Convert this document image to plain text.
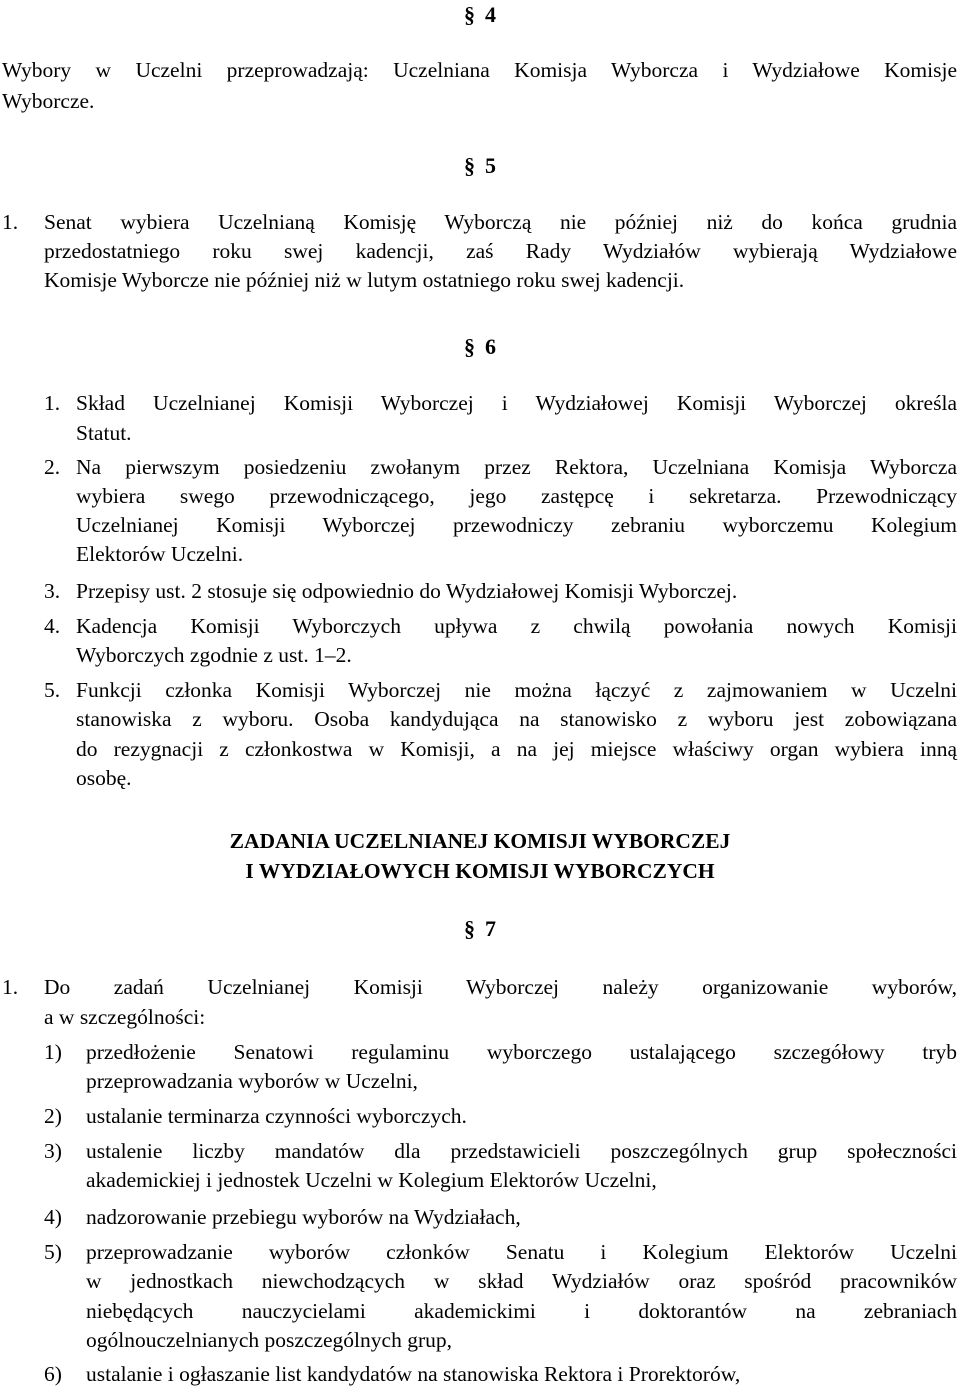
§ 4
Wybory w Uczelni przeprowadzają: Uczelniana Komisja Wyborcza i Wydziałowe Komisje
Wyborcze.
§ 5
1. Senat wybiera Uczelnianą Komisję Wyborczą nie później niż do końca grudnia
przedostatniego roku swej kadencji, zaś Rady Wydziałów wybierają Wydziałowe
Komisje Wyborcze nie później niż w lutym ostatniego roku swej kadencji.
§ 6
1. Skład Uczelnianej Komisji Wyborczej i Wydziałowej Komisji Wyborczej określa
Statut.
2. Na pierwszym posiedzeniu zwołanym przez Rektora, Uczelniana Komisja Wyborcza
wybiera swego przewodniczącego, jego zastępcę i sekretarza. Przewodniczący
Uczelnianej Komisji Wyborczej przewodniczy zebraniu wyborczemu Kolegium
Elektorów Uczelni.
3. Przepisy ust. 2 stosuje się odpowiednio do Wydziałowej Komisji Wyborczej.
4. Kadencja Komisji Wyborczych upływa z chwilą powołania nowych Komisji
Wyborczych zgodnie z ust. 1–2.
5. Funkcji członka Komisji Wyborczej nie można łączyć z zajmowaniem w Uczelni
stanowiska z wyboru. Osoba kandydująca na stanowisko z wyboru jest zobowiązana
do rezygnacji z członkostwa w Komisji, a na jej miejsce właściwy organ wybiera inną
osobę.
ZADANIA UCZELNIANEJ KOMISJI WYBORCZEJ
I WYDZIAŁOWYCH KOMISJI WYBORCZYCH
§ 7
1. Do zadań Uczelnianej Komisji Wyborczej należy organizowanie wyborów,
a w szczególności:
1) przedłożenie Senatowi regulaminu wyborczego ustalającego szczegółowy tryb
przeprowadzania wyborów w Uczelni,
2) ustalanie terminarza czynności wyborczych.
3) ustalenie liczby mandatów dla przedstawicieli poszczególnych grup społeczności
akademickiej i jednostek Uczelni w Kolegium Elektorów Uczelni,
4) nadzorowanie przebiegu wyborów na Wydziałach,
5) przeprowadzanie wyborów członków Senatu i Kolegium Elektorów Uczelni
w jednostkach niewchodzących w skład Wydziałów oraz spośród pracowników
niebędących nauczycielami akademickimi i doktorantów na zebraniach
ogólnouczelnianych poszczególnych grup,
6) ustalanie i ogłaszanie list kandydatów na stanowiska Rektora i Prorektorów,
